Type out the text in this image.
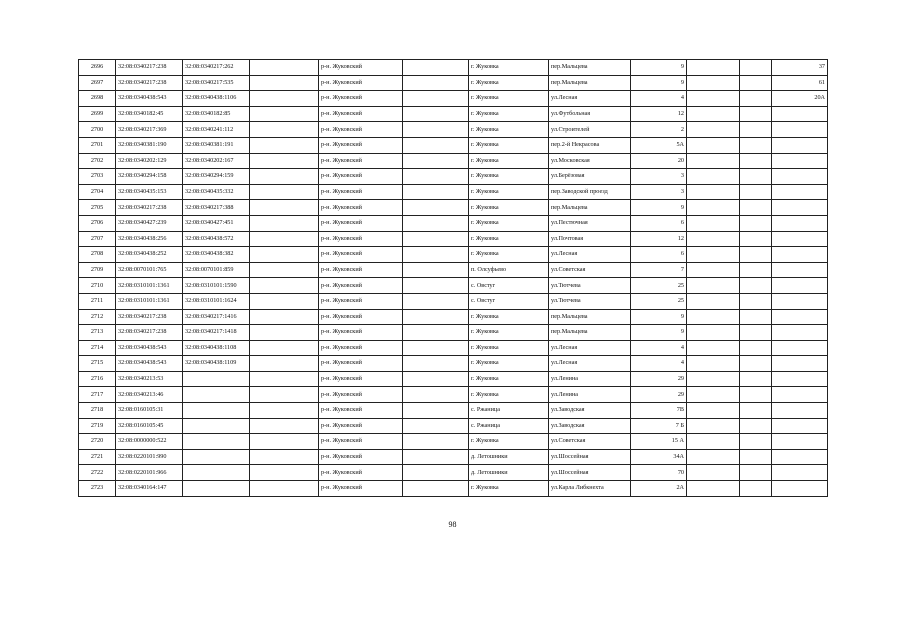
2696	32:08:0340217:238	32:08:0340217:262		р-н. Жуковский		г. Жуковка	пер.Мальцева	9			37
2697	32:08:0340217:238	32:08:0340217:535		р-н. Жуковский		г. Жуковка	пер.Мальцева	9			61
2698	32:08:0340438:543	32:08:0340438:1106		р-н. Жуковский		г. Жуковка	ул.Лесная	4			20А
2699	32:08:0340182:45	32:08:0340182:85		р-н. Жуковский		г. Жуковка	ул.Футбольная	12			
2700	32:08:0340217:369	32:08:0340241:112		р-н. Жуковский		г. Жуковка	ул.Строителей	2			
2701	32:08:0340381:190	32:08:0340381:191		р-н. Жуковский		г. Жуковка	пер.2-й Некрасова	5А			
2702	32:08:0340202:129	32:08:0340202:167		р-н. Жуковский		г. Жуковка	ул.Московская	20			
2703	32:08:0340294:158	32:08:0340294:159		р-н. Жуковский		г. Жуковка	ул.Берёзовая	3			
2704	32:08:0340435:153	32:08:0340435:332		р-н. Жуковский		г. Жуковка	пер.Заводской проезд	3			
2705	32:08:0340217:238	32:08:0340217:388		р-н. Жуковский		г. Жуковка	пер.Мальцева	9			
2706	32:08:0340427:239	32:08:0340427:451		р-н. Жуковский		г. Жуковка	ул.Пестючная	6			
2707	32:08:0340438:256	32:08:0340438:572		р-н. Жуковский		г. Жуковка	ул.Почтовая	12			
2708	32:08:0340438:252	32:08:0340438:382		р-н. Жуковский		г. Жуковка	ул.Лесная	6			
2709	32:08:0070101:765	32:08:0070101:859		р-н. Жуковский		п. Олсуфьево	ул.Советская	7			
2710	32:08:0310101:1361	32:08:0310101:1590		р-н. Жуковский		с. Овстуг	ул.Тютчева	25			
2711	32:08:0310101:1361	32:08:0310101:1624		р-н. Жуковский		с. Овстуг	ул.Тютчева	25			
2712	32:08:0340217:238	32:08:0340217:1416		р-н. Жуковский		г. Жуковка	пер.Мальцева	9			
2713	32:08:0340217:238	32:08:0340217:1418		р-н. Жуковский		г. Жуковка	пер.Мальцева	9			
2714	32:08:0340438:543	32:08:0340438:1108		р-н. Жуковский		г. Жуковка	ул.Лесная	4			
2715	32:08:0340438:543	32:08:0340438:1109		р-н. Жуковский		г. Жуковка	ул.Лесная	4			
2716	32:08:0340213:53			р-н. Жуковский		г. Жуковка	ул.Ленина	29			
2717	32:08:0340213:46			р-н. Жуковский		г. Жуковка	ул.Ленина	29			
2718	32:08:0160105:31			р-н. Жуковский		с. Ржаница	ул.Заводская	7В			
2719	32:08:0160105:45			р-н. Жуковский		с. Ржаница	ул.Заводская	7 Б			
2720	32:08:0000000:522			р-н. Жуковский		г. Жуковка	ул.Советская	15 А			
2721	32:08:0220101:990			р-н. Жуковский		д. Летошники	ул.Шоссейная	34А			
2722	32:08:0220101:966			р-н. Жуковский		д. Летошники	ул.Шоссейная	70			
2723	32:08:0340164:147			р-н. Жуковский		г. Жуковка	ул.Карла Либкнехта	2А			
98
